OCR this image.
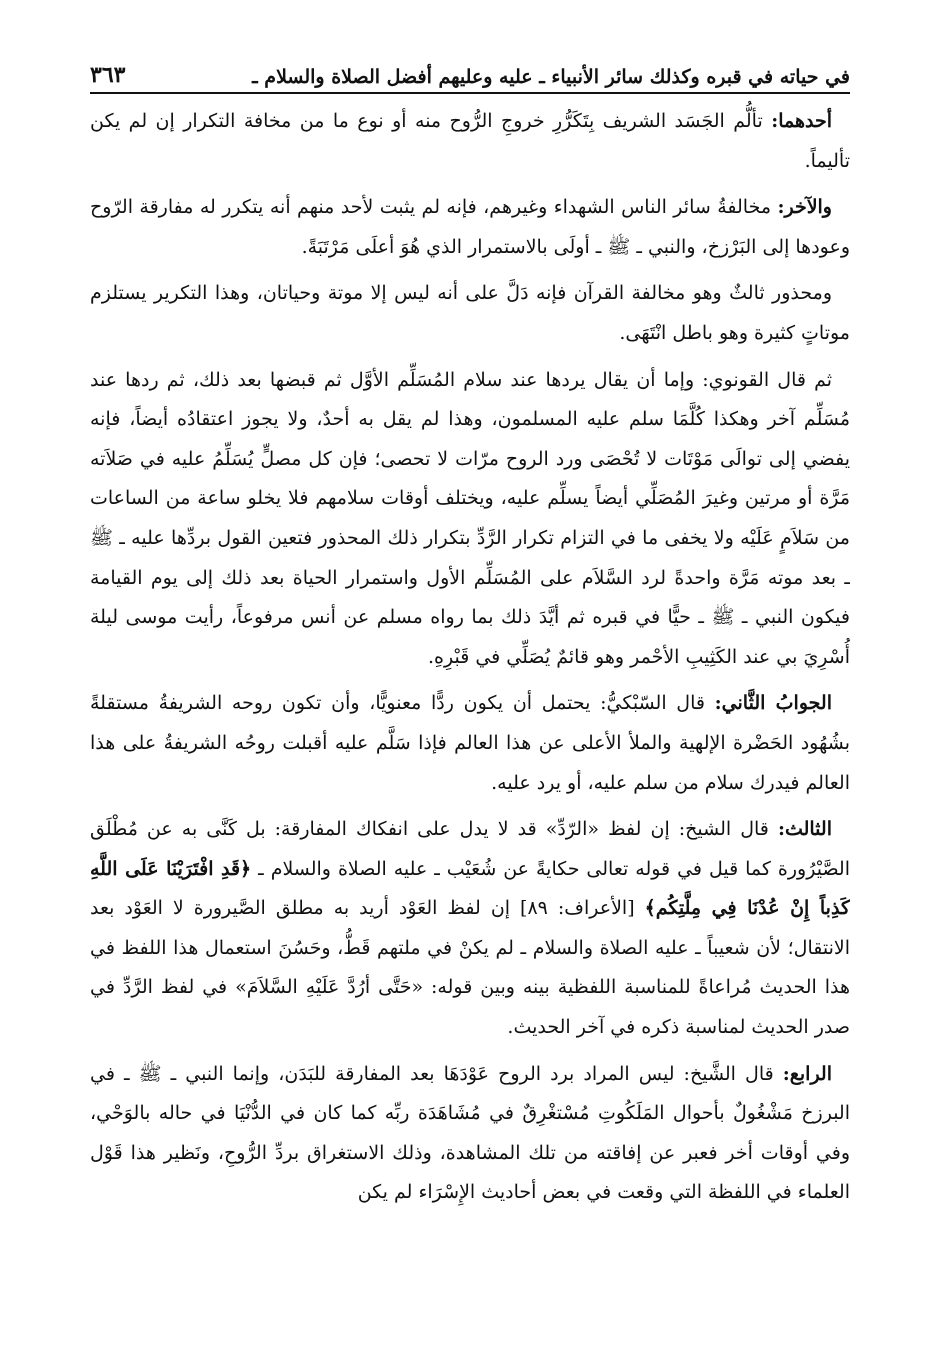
في حياته في قبره وكذلك سائر الأنبياء ـ عليه وعليهم أفضل الصلاة والسلام ـ
٣٦٣

أحدهما: تألُّم الجَسَد الشريف بِتَكَرُّرِ خروجِ الرُّوح منه أو نوع ما من مخافة التكرار إن لم يكن تأليماً.

والآخر: مخالفةُ سائر الناس الشهداء وغيرهم، فإنه لم يثبت لأحد منهم أنه يتكرر له مفارقة الرّوح وعودها إلى البَرْزخ، والنبي ـ ﷺ ـ أولَى بالاستمرار الذي هُوَ أعلَى مَرْتَبَةً.

ومحذور ثالثٌ وهو مخالفة القرآن فإنه دَلَّ على أنه ليس إلا موتة وحياتان، وهذا التكرير يستلزم موتاتٍ كثيرة وهو باطل انْتَهَى.

ثم قال القونوي: وإما أن يقال يردها عند سلام المُسَلِّم الأوَّل ثم قبضها بعد ذلك، ثم ردها عند مُسَلِّم آخر وهكذا كُلَّمَا سلم عليه المسلمون، وهذا لم يقل به أحدٌ، ولا يجوز اعتقادُه أيضاً، فإنه يفضي إلى توالَى مَوْتَات لا تُحْصَى ورد الروح مرّات لا تحصى؛ فإن كل مصلٍّ يُسَلِّمُ عليه في صَلاَته مَرَّة أو مرتين وغيرَ المُصَلِّي أيضاً يسلِّم عليه، ويختلف أوقات سلامهم فلا يخلو ساعة من الساعات من سَلاَمٍ عَلَيْه ولا يخفى ما في التزام تكرار الرَّدِّ بتكرار ذلك المحذور فتعين القول بردِّها عليه ـ ﷺ ـ بعد موته مَرَّة واحدةً لرد السَّلاَم على المُسَلِّم الأول واستمرار الحياة بعد ذلك إلى يوم القيامة فيكون النبي ـ ﷺ ـ حيًّا في قبره ثم أيَّدَ ذلك بما رواه مسلم عن أنس مرفوعاً، رأيت موسى ليلة أُسْرِيَ بي عند الكَثِيبِ الأحْمر وهو قائمٌ يُصَلِّي في قَبْرِهِ.

الجوابُ الثَّاني: قال السّبْكيُّ: يحتمل أن يكون ردًّا معنويًّا، وأن تكون روحه الشريفةُ مستقلةً بشُهُود الحَضْرة الإلهية والملأ الأعلى عن هذا العالم فإذا سَلَّم عليه أقبلت روحُه الشريفةُ على هذا العالم فيدرك سلام من سلم عليه، أو يرد عليه.

الثالث: قال الشيخ: إن لفظ «الرّدِّ» قد لا يدل على انفكاك المفارقة: بل كَنَّى به عن مُطْلَق الصَّيْرُورة كما قيل في قوله تعالى حكايةً عن شُعَيْب ـ عليه الصلاة والسلام ـ ﴿قَدِ افْتَرَيْنَا عَلَى اللَّهِ كَذِباً إِنْ عُدْنَا فِي مِلَّتِكُم﴾ [الأعراف: ٨٩] إن لفظ العَوْد أريد به مطلق الصَّيرورة لا العَوْد بعد الانتقال؛ لأن شعيباً ـ عليه الصلاة والسلام ـ لم يكنْ في ملتهم قَطُّ، وحَسُنَ استعمال هذا اللفظ في هذا الحديث مُراعاةً للمناسبة اللفظية بينه وبين قوله: «حَتَّى أرُدَّ عَلَيْهِ السَّلاَمَ» في لفظ الرَّدِّ في صدر الحديث لمناسبة ذكره في آخر الحديث.

الرابع: قال الشَّيخ: ليس المراد برد الروح عَوْدَهَا بعد المفارقة للبَدَن، وإنما النبي ـ ﷺ ـ في البرزخ مَشْغُولٌ بأحوال المَلَكُوتِ مُسْتغْرِقٌ في مُشَاهَدَة ربِّه كما كان في الدُّنْيَا في حاله بالوَحْي، وفي أوقات أخر فعبر عن إفاقته من تلك المشاهدة، وذلك الاستغراق بردِّ الرُّوحِ، ونَظير هذا قَوْل العلماء في اللفظة التي وقعت في بعض أحاديث الإِسْرَاء لم يكن
